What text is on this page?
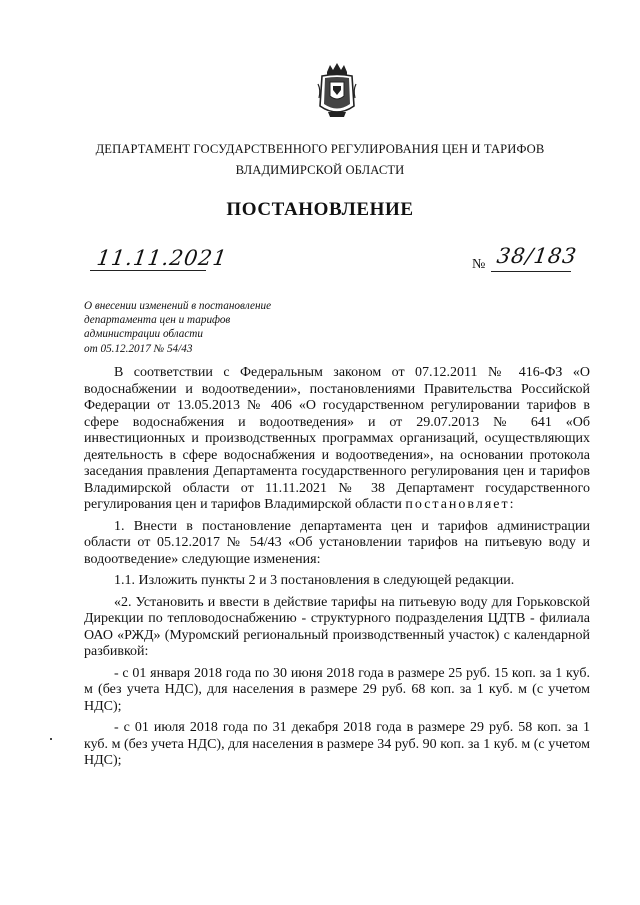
ДЕПАРТАМЕНТ ГОСУДАРСТВЕННОГО РЕГУЛИРОВАНИЯ ЦЕН И ТАРИФОВ
ВЛАДИМИРСКОЙ ОБЛАСТИ
ПОСТАНОВЛЕНИЕ
11.11.2021	№ 38/183
О внесении изменений в постановление
департамента цен и тарифов
администрации области
от 05.12.2017 № 54/43

В соответствии с Федеральным законом от 07.12.2011 № 416-ФЗ «О водоснабжении и водоотведении», постановлениями Правительства Российской Федерации от 13.05.2013 № 406 «О государственном регулировании тарифов в сфере водоснабжения и водоотведения» и от 29.07.2013 № 641 «Об инвестиционных и производственных программах организаций, осуществляющих деятельность в сфере водоснабжения и водоотведения», на основании протокола заседания правления Департамента государственного регулирования цен и тарифов Владимирской области от 11.11.2021 № 38 Департамент государственного регулирования цен и тарифов Владимирской области постановляет:

1. Внести в постановление департамента цен и тарифов администрации области от 05.12.2017 № 54/43 «Об установлении тарифов на питьевую воду и водоотведение» следующие изменения:

1.1. Изложить пункты 2 и 3 постановления в следующей редакции.

«2. Установить и ввести в действие тарифы на питьевую воду для Горьковской Дирекции по тепловодоснабжению - структурного подразделения ЦДТВ - филиала ОАО «РЖД» (Муромский региональный производственный участок) с календарной разбивкой:

- с 01 января 2018 года по 30 июня 2018 года в размере 25 руб. 15 коп. за 1 куб. м (без учета НДС), для населения в размере 29 руб. 68 коп. за 1 куб. м (с учетом НДС);

- с 01 июля 2018 года по 31 декабря 2018 года в размере 29 руб. 58 коп. за 1 куб. м (без учета НДС), для населения в размере 34 руб. 90 коп. за 1 куб. м (с учетом НДС);
